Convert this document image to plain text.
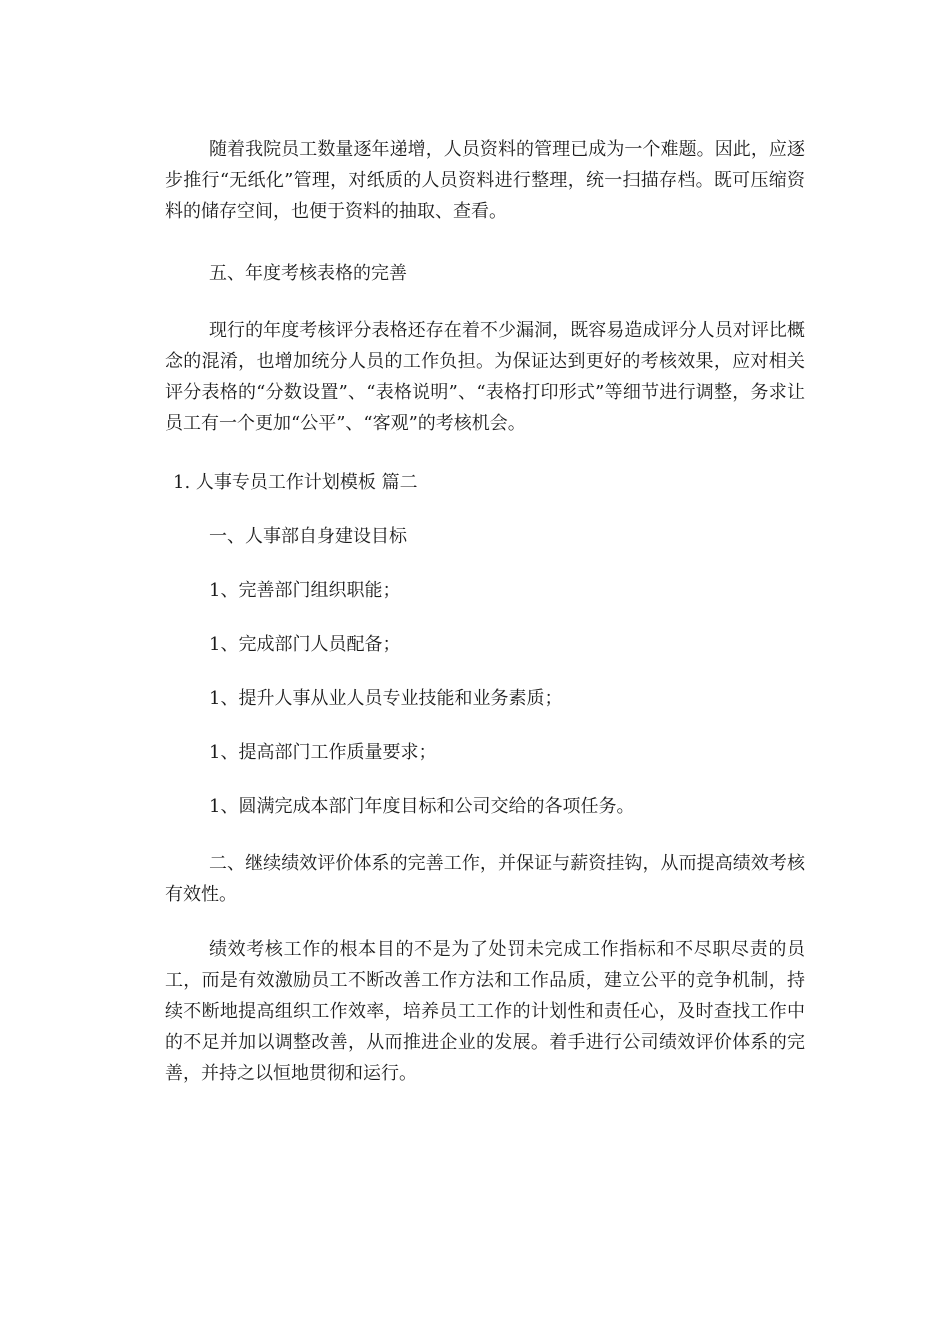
随着我院员工数量逐年递增，人员资料的管理已成为一个难题。因此，应逐步推行“无纸化”管理，对纸质的人员资料进行整理，统一扫描存档。既可压缩资料的储存空间，也便于资料的抽取、查看。

五、年度考核表格的完善

现行的年度考核评分表格还存在着不少漏洞，既容易造成评分人员对评比概念的混淆，也增加统分人员的工作负担。为保证达到更好的考核效果，应对相关评分表格的“分数设置”、“表格说明”、“表格打印形式”等细节进行调整，务求让员工有一个更加“公平”、“客观”的考核机会。

1. 人事专员工作计划模板 篇二

一、人事部自身建设目标

1、完善部门组织职能；

1、完成部门人员配备；

1、提升人事从业人员专业技能和业务素质；

1、提高部门工作质量要求；

1、圆满完成本部门年度目标和公司交给的各项任务。

二、继续绩效评价体系的完善工作，并保证与薪资挂钩，从而提高绩效考核有效性。

绩效考核工作的根本目的不是为了处罚未完成工作指标和不尽职尽责的员工，而是有效激励员工不断改善工作方法和工作品质，建立公平的竞争机制，持续不断地提高组织工作效率，培养员工工作的计划性和责任心，及时查找工作中的不足并加以调整改善，从而推进企业的发展。着手进行公司绩效评价体系的完善，并持之以恒地贯彻和运行。
